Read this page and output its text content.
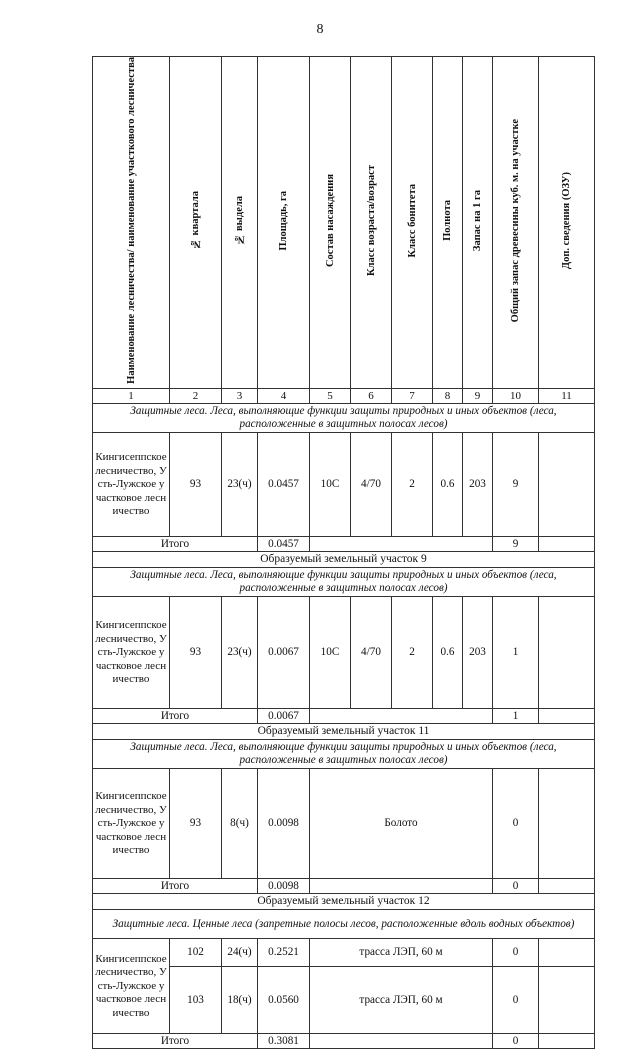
8
Наименование лесничества/ наименование участкового лесничества	№ квартала	№ выдела	Площадь, га	Состав насаждения	Класс возраста/возраст	Класс бонитета	Полнота	Запас на 1 га	Общий запас древесины куб. м. на участке	Доп. сведения (ОЗУ)
1	2	3	4	5	6	7	8	9	10	11
Защитные леса. Леса, выполняющие функции защиты природных и иных объектов (леса, расположенные в защитных полосах лесов)										
Кингисеппское лесничество, Усть-Лужское участковое лесничество	93	23(ч)	0.0457	10С	4/70	2	0.6	203	9	
Итого			0.0457						9	
Образуемый земельный участок 9										
Защитные леса. Леса, выполняющие функции защиты природных и иных объектов (леса, расположенные в защитных полосах лесов)										
Кингисеппское лесничество, Усть-Лужское участковое лесничество	93	23(ч)	0.0067	10С	4/70	2	0.6	203	1	
Итого			0.0067						1	
Образуемый земельный участок 11										
Защитные леса. Леса, выполняющие функции защиты природных и иных объектов (леса, расположенные в защитных полосах лесов)										
Кингисеппское лесничество, Усть-Лужское участковое лесничество	93	8(ч)	0.0098	Болото					0	
Итого			0.0098						0	
Образуемый земельный участок 12										
Защитные леса. Ценные леса (запретные полосы лесов, расположенные вдоль водных объектов)										
Кингисеппское лесничество, Усть-Лужское участковое лесничество	102	24(ч)	0.2521	трасса ЛЭП, 60 м					0	
	103	18(ч)	0.0560	трасса ЛЭП, 60 м					0	
Итого			0.3081						0	
